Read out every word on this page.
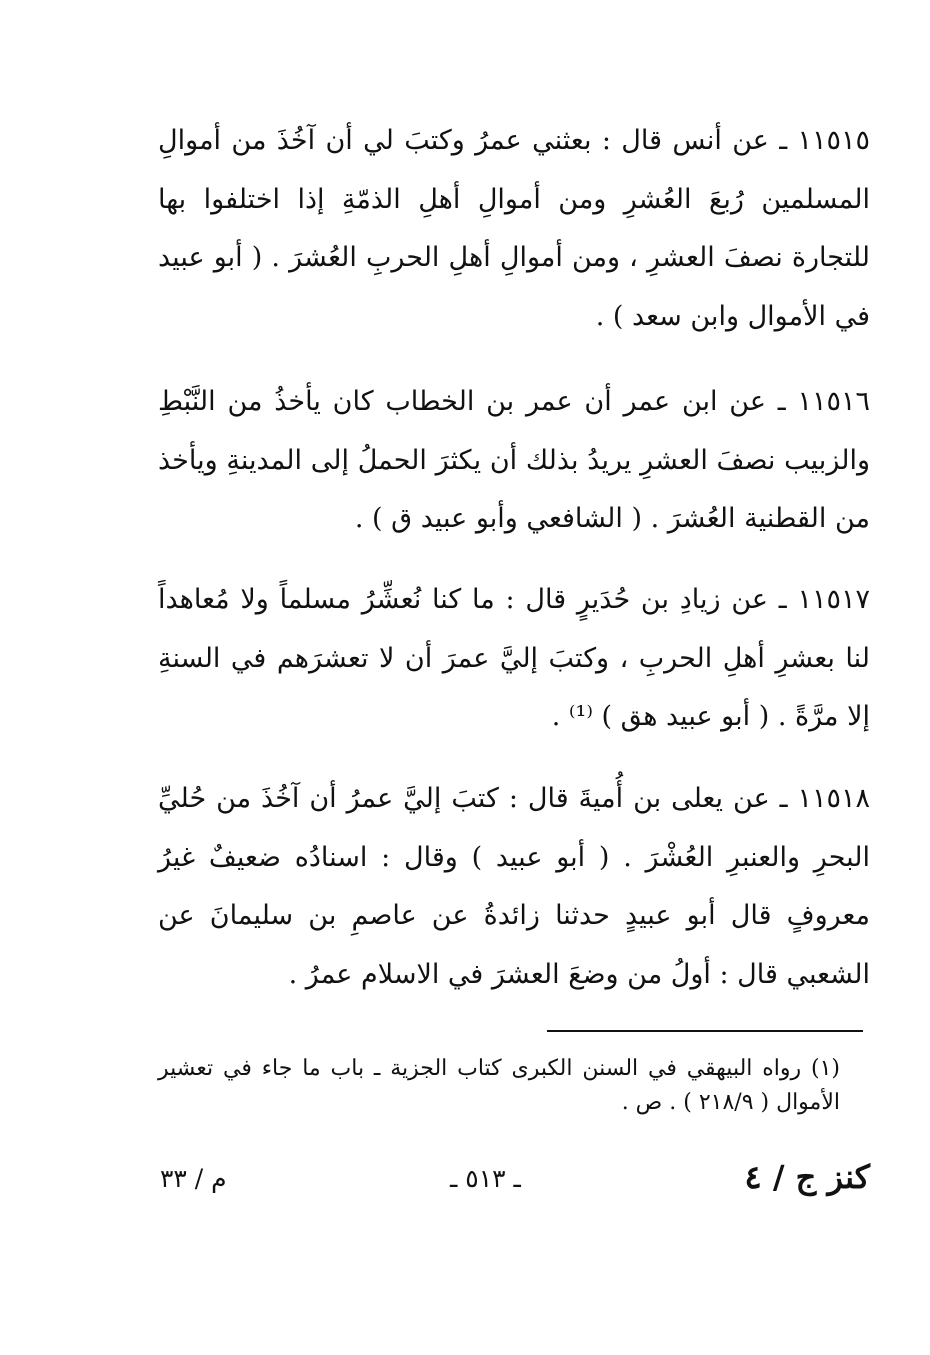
١١٥١٥ ـ عن أنس قال : بعثني عمرُ وكتبَ لي أن آخُذَ من أموالِ المسلمين رُبعَ العُشرِ ومن أموالِ أهلِ الذمّةِ إذا اختلفوا بها للتجارة نصفَ العشرِ ، ومن أموالِ أهلِ الحربِ العُشرَ . ( أبو عبيد في الأموال وابن سعد ) .

١١٥١٦ ـ عن ابن عمر أن عمر بن الخطاب كان يأخذُ من النَّبْطِ والزبيب نصفَ العشرِ يريدُ بذلك أن يكثرَ الحملُ إلى المدينةِ ويأخذ من القطنية العُشرَ . ( الشافعي وأبو عبيد ق ) .

١١٥١٧ ـ عن زيادِ بن حُدَيرٍ قال : ما كنا نُعشِّرُ مسلماً ولا مُعاهداً لنا بعشرِ أهلِ الحربِ ، وكتبَ إليَّ عمرَ أن لا تعشرَهم في السنةِ إلا مرَّةً . ( أبو عبيد هق ) ⁽¹⁾ .

١١٥١٨ ـ عن يعلى بن أُميةَ قال : كتبَ إليَّ عمرُ أن آخُذَ من حُليِّ البحرِ والعنبرِ العُشْرَ . ( أبو عبيد ) وقال : اسنادُه ضعيفٌ غيرُ معروفٍ قال أبو عبيدٍ حدثنا زائدةُ عن عاصمِ بن سليمانَ عن الشعبي قال : أولُ من وضعَ العشرَ في الاسلام عمرُ .

(١) رواه البيهقي في السنن الكبرى كتاب الجزية ـ باب ما جاء في تعشير الأموال ( ٢١٨/٩ ) . ص .
م / ٣٣	ـ ٥١٣ ـ	كنز ج / ٤
